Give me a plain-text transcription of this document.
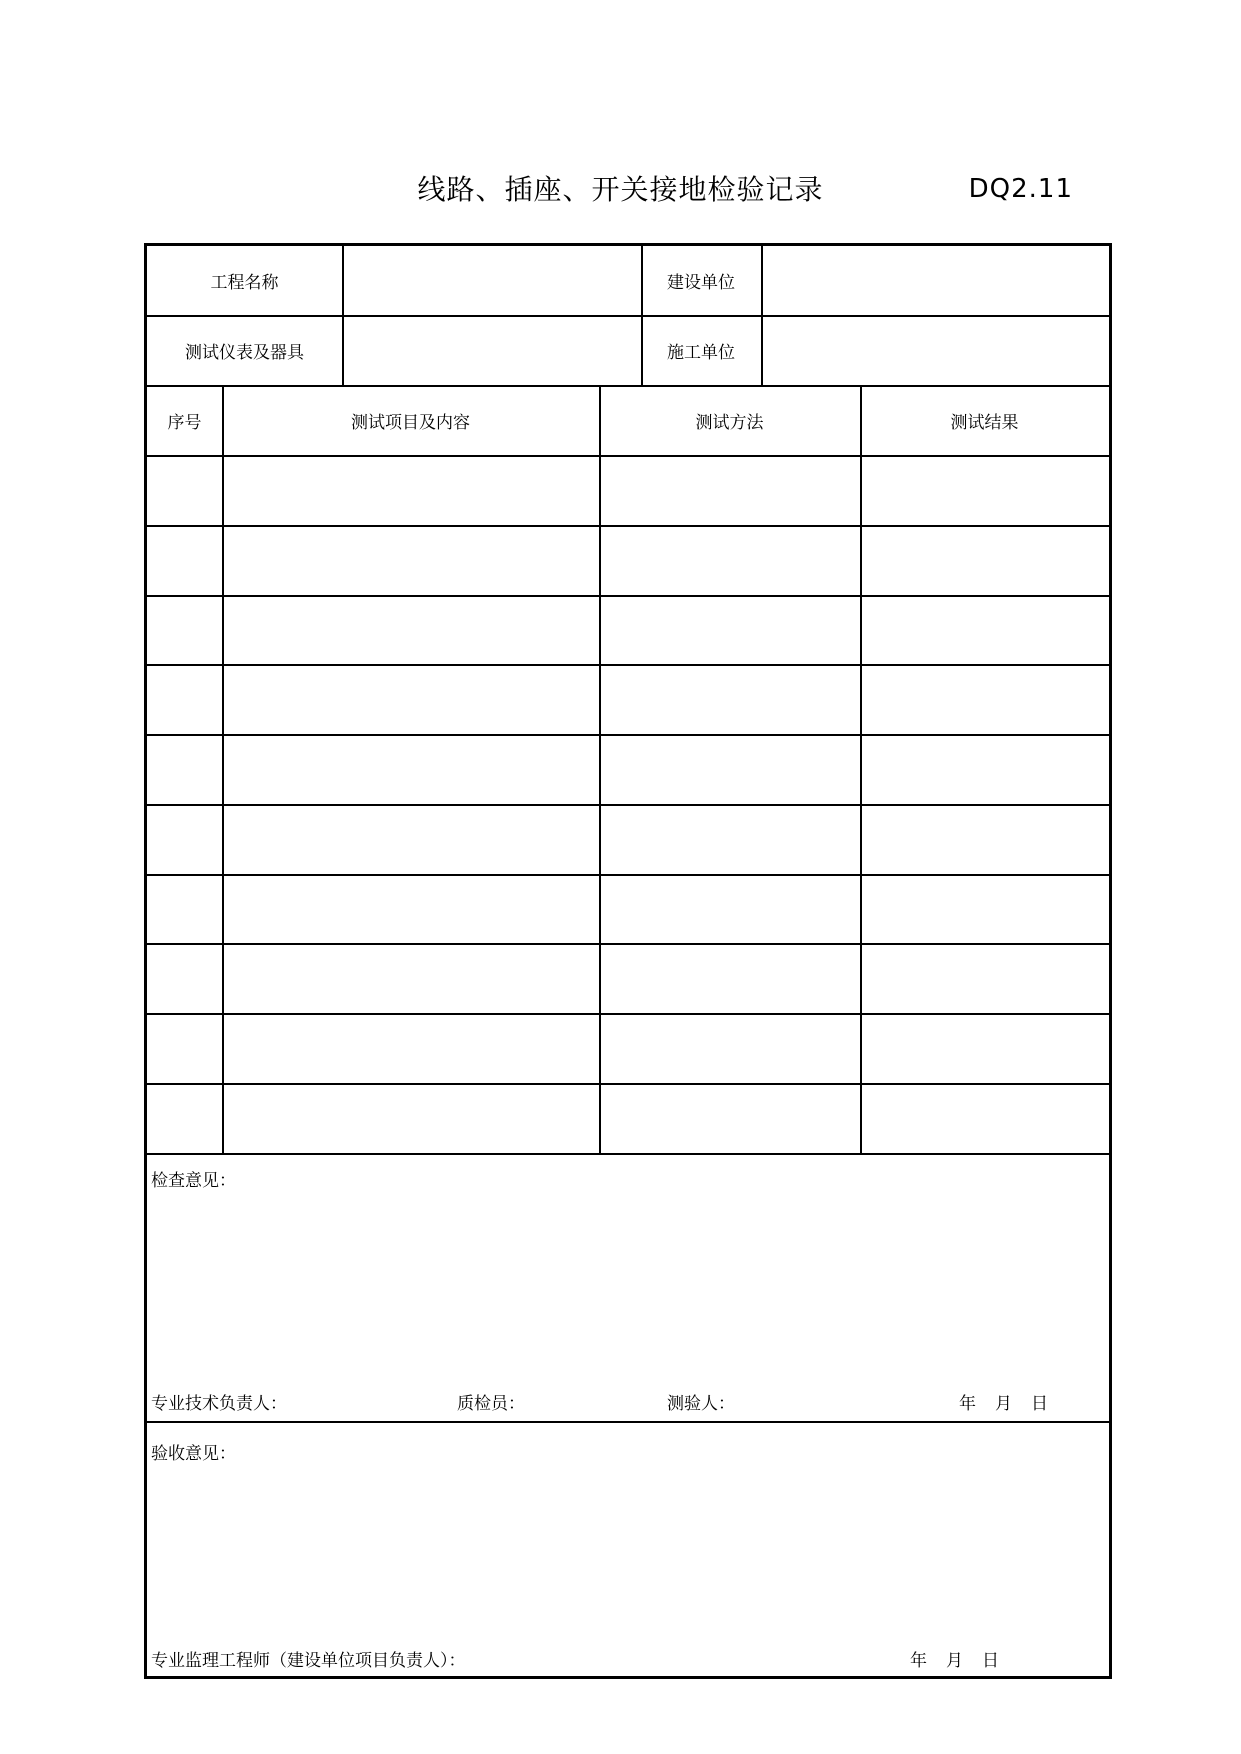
线路、插座、开关接地检验记录	DQ2.11
工程名称	建设单位
测试仪表及器具	施工单位
序号	测试项目及内容	测试方法	测试结果
检查意见：
专业技术负责人：	质检员：	测验人：	年 月 日
验收意见：
专业监理工程师（建设单位项目负责人）：	年 月 日
